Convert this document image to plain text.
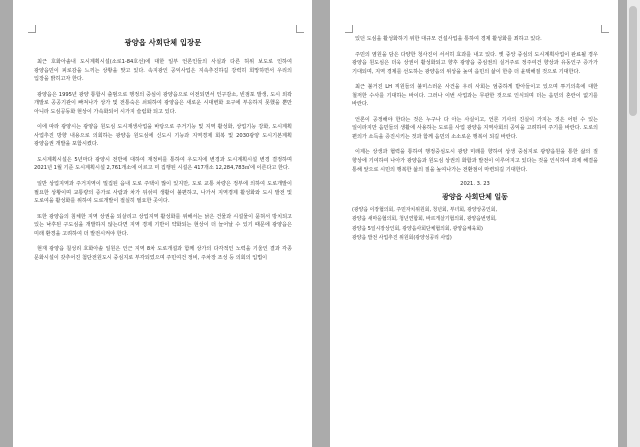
광양읍 사회단체 입장문

최근 호화아솔내 도시계획시설(소로1-84호선)에 대한 일부 언론인들의 사실과 다른 허위 보도로 인하여 광양읍민이 피로감을 느끼는 상황을 맞고 있다. 속지광인 공익사업은 지속추진하길 강력히 희망하면서 우리의 입장을 밝히고자 한다.

광양읍은 1995년 광양 통합시 출범으로 행정의 중심이 광양읍으로 이전되면서 인구감소, 빈점포 발생, 도시 외곽 개발로 공공기관이 빠져나가 상가 및 전통숙은 쇠퇴하여 광양읍은 새로운 시대변화 요구에 부응하지 못했을 뿐만 아니라 도심공동화 현상이 가속화되어 시가지 슬럼화 되고 있다.

이에 따라 광양시는 광양읍 원도심 도시재생사업을 바탕으로 주거기능 및 지역 활성화, 상업기능 강화, 도시계획 사업추진 방향 내용으로 의회하는 광양읍 원도심에 신도시 기능과 지역경제 회복 및 2030광양 도시기본계획 광양읍권 개발을 포함시켰다.

도시계획시설은 5년마다 광양시 전반에 대하여 재정비를 통하여 우도지에 변경과 도시계획시설 변경 결정하며 2021년 1월 기준 도시계획시설 2,761개소에 이르고 미 집행된 시설은 417개소 12,284,783㎡에 이른다고 한다.

일반 상업지역과 주거지역이 밀집된 읍내 도로 주택이 많이 있지만, 도로 교통 차량은 정부에 의하여 도로개발이 필요한 상황이며 교통량의 증가로 사람과 차가 뒤섞여 생활이 불편하고, 나가서 지역경제 활성화와 도시 발전 및 도로여을 활성화를 위하여 도로개발이 절실히 필요한 곳이다.

또한 광양읍의 침체한 지역 상권을 되살리고 상업지역 활성화를 위해서는 낡은 건물과 시설물이 묻혀서 방치되고 있는 낙후된 구도심을 개발하지 않는다면 지역 경제 기반이 약화되는 현상이 더 늘어날 수 있기 때문에 광양읍은 미래 환경을 고려하여 더 발전시켜야 한다.

현재 광양읍 칠성리 호화아솔 일원은 인근 지역 8차 도로개설과 함께 상가의 다각적인 노력을 기울인 결과 각종 문화시설이 갖추어진 첨단전원도시 중심지로 부각되었으며 주민여건 정비, 주차장 조성 등 의회의 입법이

있던 도심을 활성화하기 위한 대규모 건설사업을 통하여 경제 활성화를 꾀하고 있다.

주민의 염원을 담은 다양한 청사진이 서서히 효과를 내고 있다. 옛 중앙 중심의 도시계획사업이 완료될 경우 광양읍 원도심은 더욱 상권이 활성화되고 향후 광양읍 중심권의 실거주로 정주여건 향상과 유동인구 증가가 기대되며, 지역 경제를 선도하는 광양읍의 위상을 높여 읍민의 삶이 한층 더 윤택해질 것으로 기대한다.

최근 불거진 LH 직원들의 불미스러운 사건을 우리 사회는 엄중하게 받아들이고 있으며 투기의혹에 대한 철저한 수사를 기대하는 바이다. 그러나 이번 사업과는 무관한 것으로 인식되며 더는 읍민의 혼란이 없기를 바란다.

언론이 공정해야 한다는 것은 누구나 다 아는 사실이고, 언론 기사의 진실이 가지는 것은 어떤 수 있는 일이라지만 읍민들의 생활에 사용하는 도로를 사업 광양읍 지역사회의 공익을 고려하여 주기를 바란다. 도로의 편의가 소득을 증진시키는 것과 함께 읍민의 소소로운 행복이 되길 바란다.

이제는 상생과 협력을 통하여 행정중심도시 광양 미래를 향하여 상생 중심지로 광양읍원을 통한 삶의 질 향상에 기여하여 나아가 광양읍과 원도심 상권의 화합과 발전이 이루어지고 있다는 것을 인식하여 과제 해결을 통해 앞으로 시민의 행복한 삶의 질을 높여나가는 전환점이 마련되길 기대한다.

2021. 3. 23
광양읍 사회단체 일동

(광양읍 이장협의회, 주민자치위원회, 청년회, 부녀회, 광양상공인회,

광양읍 새마을협의회, 청년연합회, 바르게살기협의회, 광양읍번영회,

광양읍 5일시장상인회, 광양읍사회단체협의회, 광양읍체육회)

광양읍 발전 사업추진 위원회(광양성공리 사업)
